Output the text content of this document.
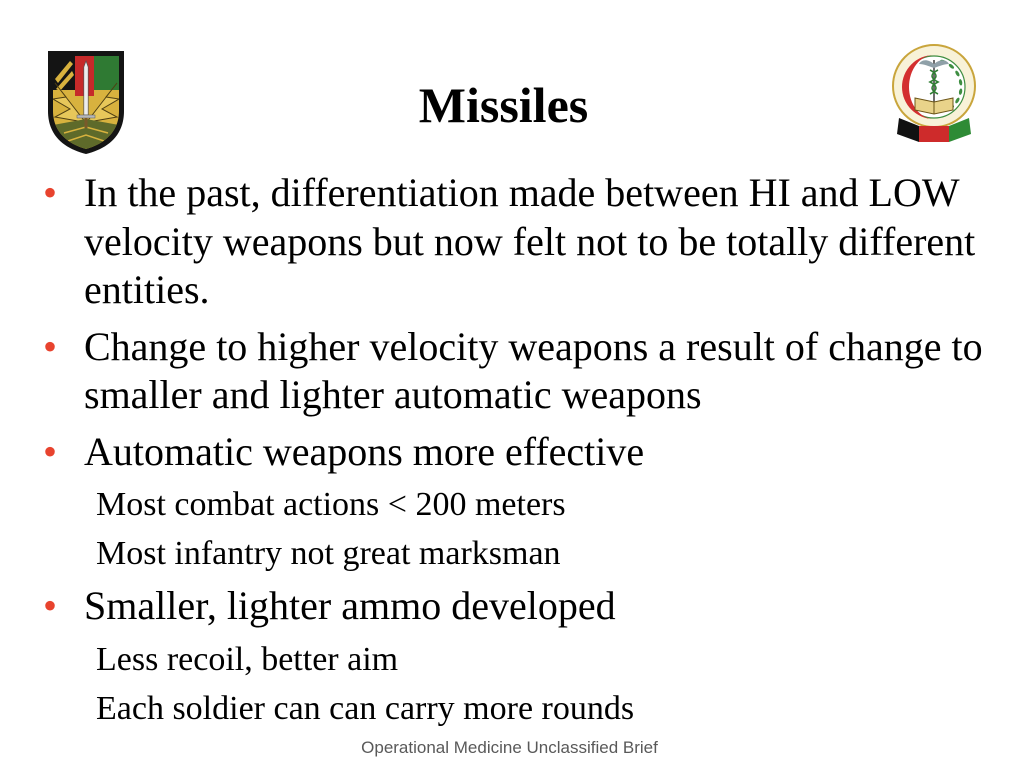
Missiles
• In the past, differentiation made between HI and LOW velocity weapons but now felt not to be totally different entities.
• Change to higher velocity weapons a result of change to smaller and lighter automatic weapons
• Automatic weapons more effective
Most combat actions < 200 meters
Most infantry not great marksman
• Smaller, lighter ammo developed
Less recoil, better aim
Each soldier can can carry more rounds
Operational Medicine Unclassified Brief
